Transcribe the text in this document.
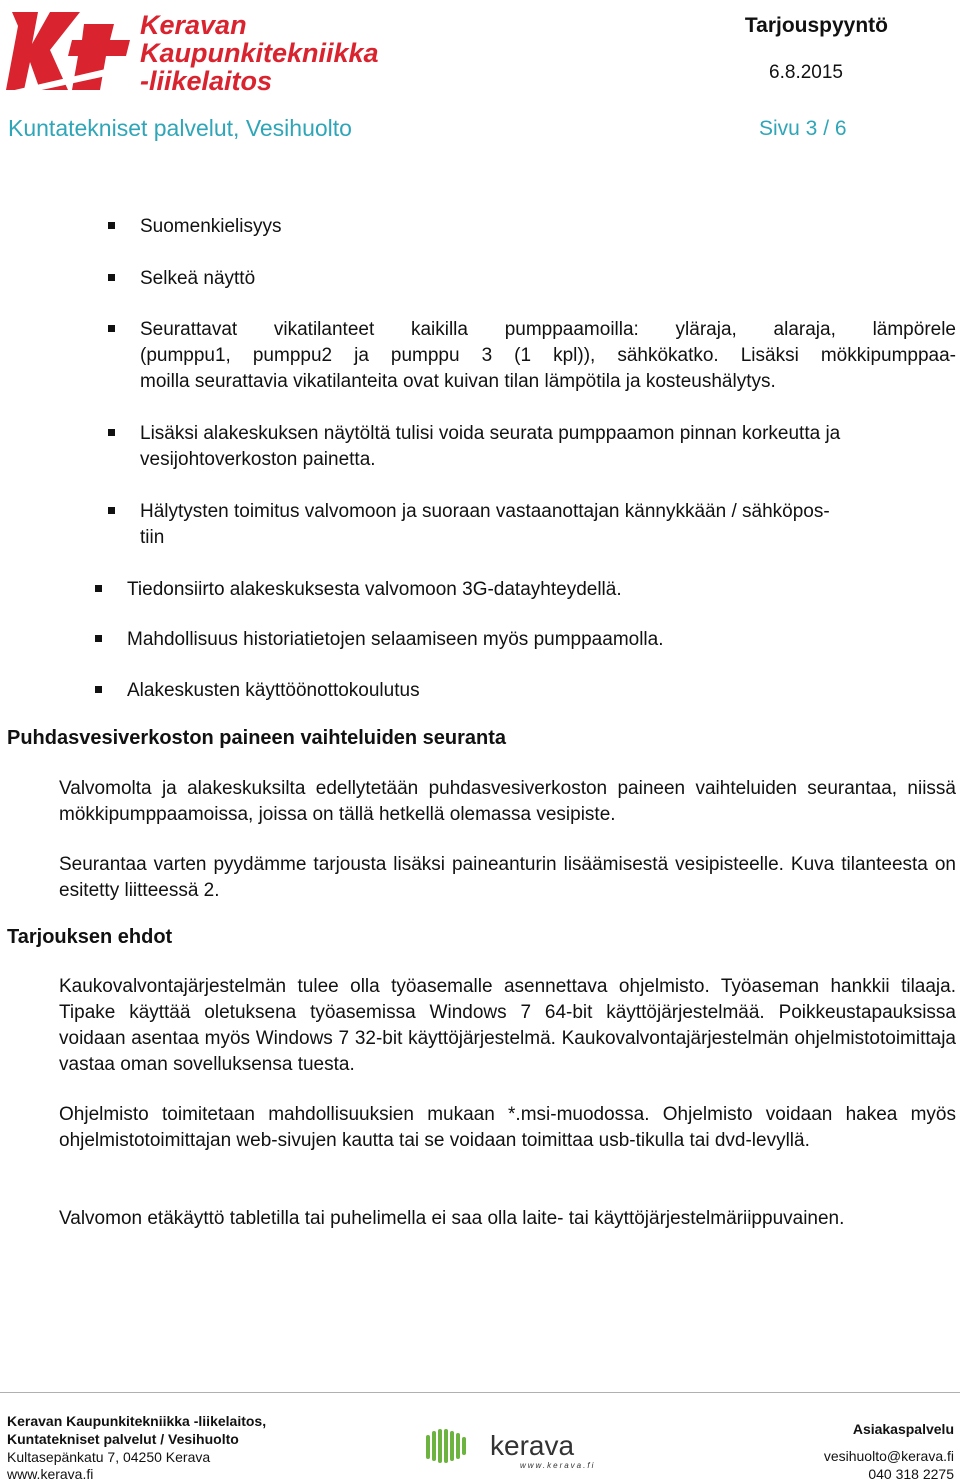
Keravan
Kaupunkitekniikka
-liikelaitos
Tarjouspyyntö
6.8.2015
Kuntatekniset palvelut, Vesihuolto	Sivu 3 / 6
Suomenkielisyys
Selkeä näyttö
Seurattavat vikatilanteet kaikilla pumppaamoilla: yläraja, alaraja, lämpörele
(pumppu1, pumppu2 ja pumppu 3 (1 kpl)), sähkökatko. Lisäksi mökkipumppaa-
moilla seurattavia vikatilanteita ovat kuivan tilan lämpötila ja kosteushälytys.
Lisäksi alakeskuksen näytöltä tulisi voida seurata pumppaamon pinnan korkeutta ja
vesijohtoverkoston painetta.
Hälytysten toimitus valvomoon ja suoraan vastaanottajan kännykkään / sähköpos-
tiin
Tiedonsiirto alakeskuksesta valvomoon 3G-datayhteydellä.
Mahdollisuus historiatietojen selaamiseen myös pumppaamolla.
Alakeskusten käyttöönottokoulutus
Puhdasvesiverkoston paineen vaihteluiden seuranta
Valvomolta ja alakeskuksilta edellytetään puhdasvesiverkoston paineen vaihteluiden seurantaa, niissä mökkipumppaamoissa, joissa on tällä hetkellä olemassa vesipiste.
Seurantaa varten pyydämme tarjousta lisäksi paineanturin lisäämisestä vesipisteelle. Kuva tilanteesta on esitetty liitteessä 2.
Tarjouksen ehdot
Kaukovalvontajärjestelmän tulee olla työasemalle asennettava ohjelmisto. Työaseman hankkii tilaaja. Tipake käyttää oletuksena työasemissa Windows 7 64-bit käyttöjärjestelmää. Poikkeustapauksissa voidaan asentaa myös Windows 7 32-bit käyttöjärjestelmä. Kaukovalvontajärjestelmän ohjelmistotoimittaja vastaa oman sovelluksensa tuesta.
Ohjelmisto toimitetaan mahdollisuuksien mukaan *.msi-muodossa. Ohjelmisto voidaan hakea myös ohjelmistotoimittajan web-sivujen kautta tai se voidaan toimittaa usb-tikulla tai dvd-levyllä.
Valvomon etäkäyttö tabletilla tai puhelimella ei saa olla laite- tai käyttöjärjestelmäriippuvainen.
Keravan Kaupunkitekniikka -liikelaitos,
Kuntatekniset palvelut / Vesihuolto
Kultasepänkatu 7, 04250 Kerava
www.kerava.fi
kerava
www.kerava.fi
Asiakaspalvelu
vesihuolto@kerava.fi
040 318 2275
